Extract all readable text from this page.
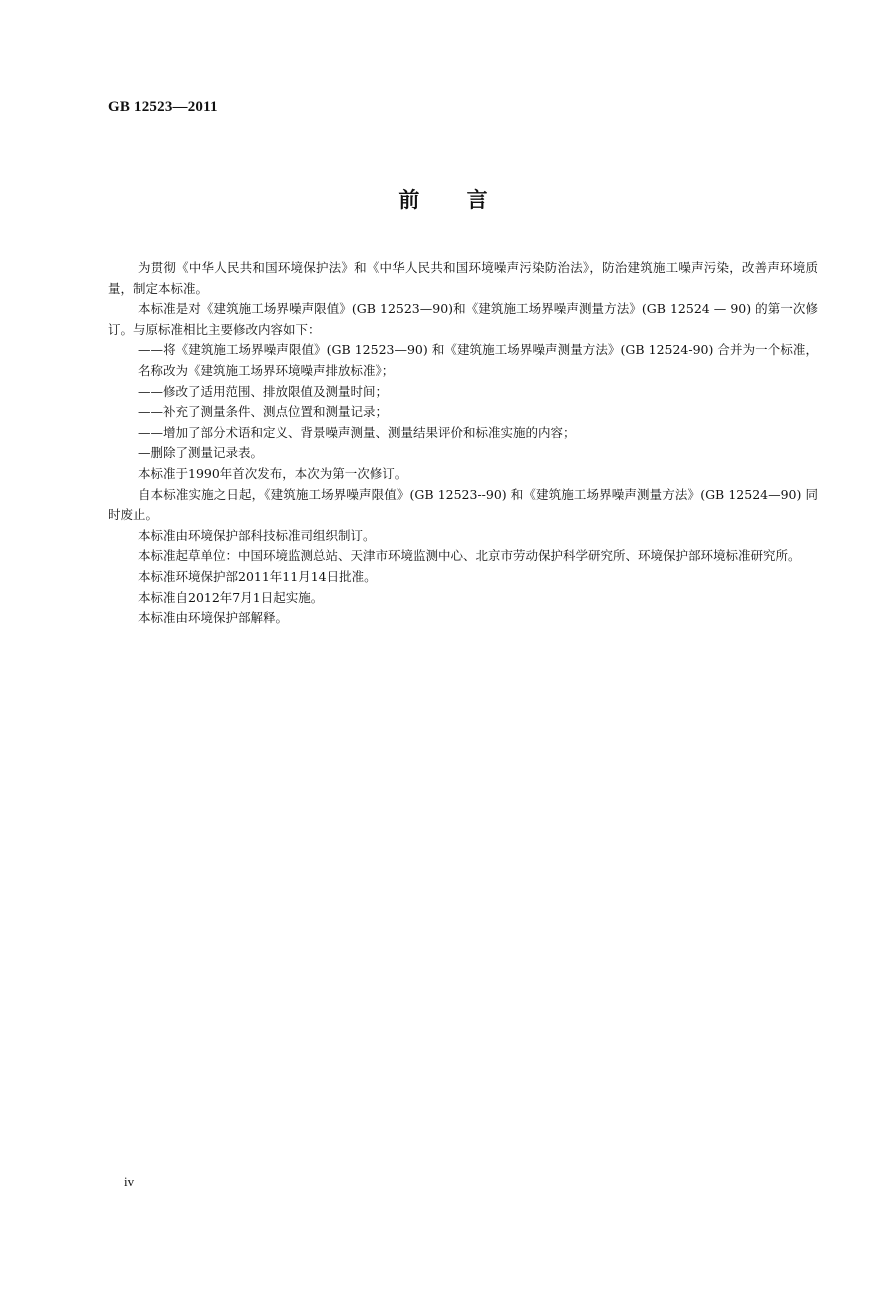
GB 12523—2011
前 言

为贯彻《中华人民共和国环境保护法》和《中华人民共和国环境噪声污染防治法》，防治建筑施工噪声污染，改善声环境质量，制定本标准。

本标准是对《建筑施工场界噪声限值》(GB 12523—90)和《建筑施工场界噪声测量方法》(GB 12524 — 90) 的第一次修订。与原标准相比主要修改内容如下：

——将《建筑施工场界噪声限值》(GB 12523—90) 和《建筑施工场界噪声测量方法》(GB 12524-90) 合并为一个标准，名称改为《建筑施工场界环境噪声排放标准》；

——修改了适用范围、排放限值及测量时间；

——补充了测量条件、测点位置和测量记录；

——增加了部分术语和定义、背景噪声测量、测量结果评价和标准实施的内容；

—删除了测量记录表。

本标准于1990年首次发布，本次为第一次修订。

自本标准实施之日起，《建筑施工场界噪声限值》(GB 12523--90) 和《建筑施工场界噪声测量方法》(GB 12524—90) 同时废止。

本标准由环境保护部科技标准司组织制订。

本标准起草单位：中国环境监测总站、天津市环境监测中心、北京市劳动保护科学研究所、环境保护部环境标准研究所。

本标准环境保护部2011年11月14日批准。

本标准自2012年7月1日起实施。

本标准由环境保护部解释。

iv
